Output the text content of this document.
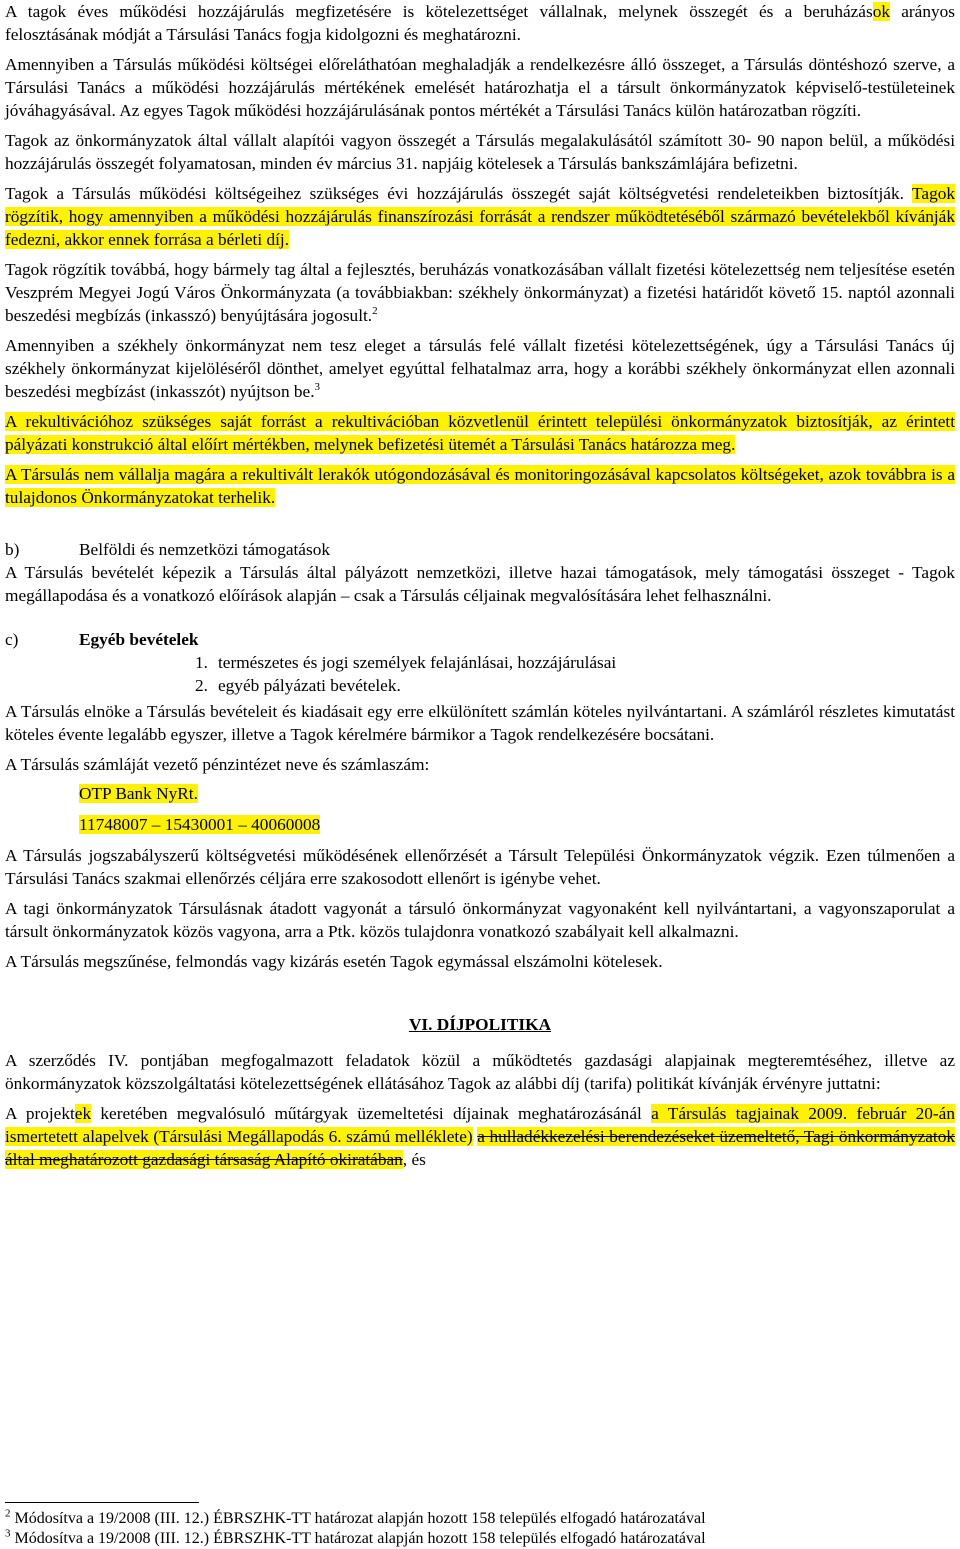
A tagok éves működési hozzájárulás megfizetésére is kötelezettséget vállalnak, melynek összegét és a beruházások arányos felosztásának módját a Társulási Tanács fogja kidolgozni és meghatározni.

Amennyiben a Társulás működési költségei előreláthatóan meghaladják a rendelkezésre álló összeget, a Társulás döntéshozó szerve, a Társulási Tanács a működési hozzájárulás mértékének emelését határozhatja el a társult önkormányzatok képviselő-testületeinek jóváhagyásával. Az egyes Tagok működési hozzájárulásának pontos mértékét a Társulási Tanács külön határozatban rögzíti.

Tagok az önkormányzatok által vállalt alapítói vagyon összegét a Társulás megalakulásától számított 30- 90 napon belül, a működési hozzájárulás összegét folyamatosan, minden év március 31. napjáig kötelesek a Társulás bankszámlájára befizetni.

Tagok a Társulás működési költségeihez szükséges évi hozzájárulás összegét saját költségvetési rendeleteikben biztosítják. Tagok rögzítik, hogy amennyiben a működési hozzájárulás finanszírozási forrását a rendszer működtetéséből származó bevételekből kívánják fedezni, akkor ennek forrása a bérleti díj.

Tagok rögzítik továbbá, hogy bármely tag által a fejlesztés, beruházás vonatkozásában vállalt fizetési kötelezettség nem teljesítése esetén Veszprém Megyei Jogú Város Önkormányzata (a továbbiakban: székhely önkormányzat) a fizetési határidőt követő 15. naptól azonnali beszedési megbízás (inkasszó) benyújtására jogosult.$^2$

Amennyiben a székhely önkormányzat nem tesz eleget a társulás felé vállalt fizetési kötelezettségének, úgy a Társulási Tanács új székhely önkormányzat kijelöléséről dönthet, amelyet egyúttal felhatalmaz arra, hogy a korábbi székhely önkormányzat ellen azonnali beszedési megbízást (inkasszót) nyújtson be.$^3$

A rekultivációhoz szükséges saját forrást a rekultivációban közvetlenül érintett települési önkormányzatok biztosítják, az érintett pályázati konstrukció által előírt mértékben, melynek befizetési ütemét a Társulási Tanács határozza meg.

A Társulás nem vállalja magára a rekultivált lerakók utógondozásával és monitoringozásával kapcsolatos költségeket, azok továbbra is a tulajdonos Önkormányzatokat terhelik.

b)	Belföldi és nemzetközi támogatások

A Társulás bevételét képezik a Társulás által pályázott nemzetközi, illetve hazai támogatások, mely támogatási összeget - Tagok megállapodása és a vonatkozó előírások alapján – csak a Társulás céljainak megvalósítására lehet felhasználni.

c)	Egyéb bevételek
1. természetes és jogi személyek felajánlásai, hozzájárulásai
2. egyéb pályázati bevételek.

A Társulás elnöke a Társulás bevételeit és kiadásait egy erre elkülönített számlán köteles nyilvántartani. A számláról részletes kimutatást köteles évente legalább egyszer, illetve a Tagok kérelmére bármikor a Tagok rendelkezésére bocsátani.

A Társulás számláját vezető pénzintézet neve és számlaszám:

OTP Bank NyRt.
11748007 – 15430001 – 40060008

A Társulás jogszabályszerű költségvetési működésének ellenőrzését a Társult Települési Önkormányzatok végzik. Ezen túlmenően a Társulási Tanács szakmai ellenőrzés céljára erre szakosodott ellenőrt is igénybe vehet.

A tagi önkormányzatok Társulásnak átadott vagyonát a társuló önkormányzat vagyonaként kell nyilvántartani, a vagyonszaporulat a társult önkormányzatok közös vagyona, arra a Ptk. közös tulajdonra vonatkozó szabályait kell alkalmazni.

A Társulás megszűnése, felmondás vagy kizárás esetén Tagok egymással elszámolni kötelesek.

VI. DÍJPOLITIKA

A szerződés IV. pontjában megfogalmazott feladatok közül a működtetés gazdasági alapjainak megteremtéséhez, illetve az önkormányzatok közszolgáltatási kötelezettségének ellátásához Tagok az alábbi díj (tarifa) politikát kívánják érvényre juttatni:

A projektek keretében megvalósuló műtárgyak üzemeltetési díjainak meghatározásánál a Társulás tagjainak 2009. február 20-án ismertetett alapelvek (Társulási Megállapodás 6. számú melléklete) a hulladékkezelési berendezéseket üzemeltető, Tagi önkormányzatok által meghatározott gazdasági társaság Alapító okiratában, és

$^2$ Módosítva a 19/2008 (III. 12.) ÉBRSZHK-TT határozat alapján hozott 158 település elfogadó határozatával
$^3$ Módosítva a 19/2008 (III. 12.) ÉBRSZHK-TT határozat alapján hozott 158 település elfogadó határozatával
